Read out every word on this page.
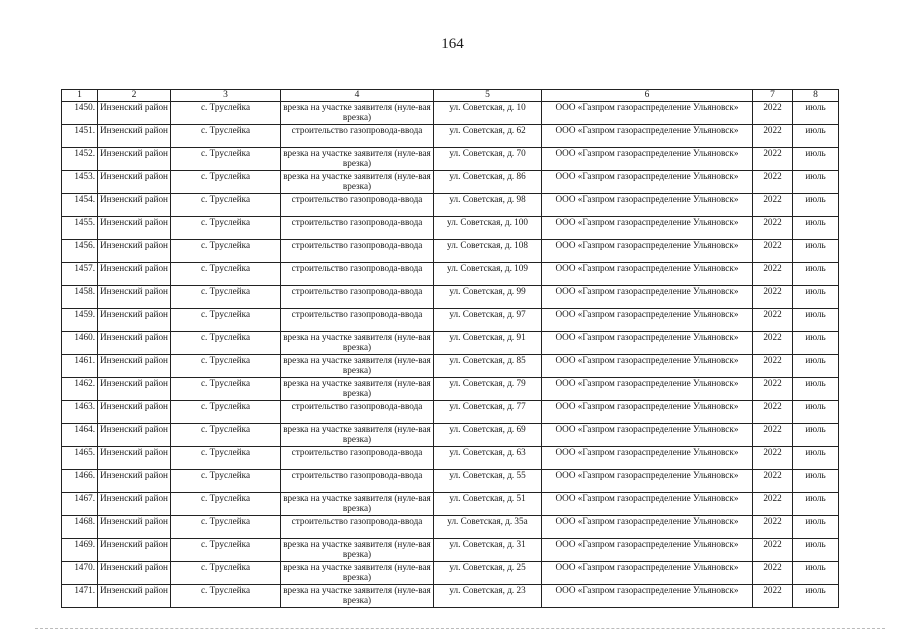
164
1	2	3	4	5	6	7	8
1450.	Инзенский район	с. Труслейка	врезка на участке заявителя (нуле-вая врезка)	ул. Советская, д. 10	ООО «Газпром газораспределение Ульяновск»	2022	июль
1451.	Инзенский район	с. Труслейка	строительство газопровода-ввода	ул. Советская, д. 62	ООО «Газпром газораспределение Ульяновск»	2022	июль
1452.	Инзенский район	с. Труслейка	врезка на участке заявителя (нуле-вая врезка)	ул. Советская, д. 70	ООО «Газпром газораспределение Ульяновск»	2022	июль
1453.	Инзенский район	с. Труслейка	врезка на участке заявителя (нуле-вая врезка)	ул. Советская, д. 86	ООО «Газпром газораспределение Ульяновск»	2022	июль
1454.	Инзенский район	с. Труслейка	строительство газопровода-ввода	ул. Советская, д. 98	ООО «Газпром газораспределение Ульяновск»	2022	июль
1455.	Инзенский район	с. Труслейка	строительство газопровода-ввода	ул. Советская, д. 100	ООО «Газпром газораспределение Ульяновск»	2022	июль
1456.	Инзенский район	с. Труслейка	строительство газопровода-ввода	ул. Советская, д. 108	ООО «Газпром газораспределение Ульяновск»	2022	июль
1457.	Инзенский район	с. Труслейка	строительство газопровода-ввода	ул. Советская, д. 109	ООО «Газпром газораспределение Ульяновск»	2022	июль
1458.	Инзенский район	с. Труслейка	строительство газопровода-ввода	ул. Советская, д. 99	ООО «Газпром газораспределение Ульяновск»	2022	июль
1459.	Инзенский район	с. Труслейка	строительство газопровода-ввода	ул. Советская, д. 97	ООО «Газпром газораспределение Ульяновск»	2022	июль
1460.	Инзенский район	с. Труслейка	врезка на участке заявителя (нуле-вая врезка)	ул. Советская, д. 91	ООО «Газпром газораспределение Ульяновск»	2022	июль
1461.	Инзенский район	с. Труслейка	врезка на участке заявителя (нуле-вая врезка)	ул. Советская, д. 85	ООО «Газпром газораспределение Ульяновск»	2022	июль
1462.	Инзенский район	с. Труслейка	врезка на участке заявителя (нуле-вая врезка)	ул. Советская, д. 79	ООО «Газпром газораспределение Ульяновск»	2022	июль
1463.	Инзенский район	с. Труслейка	строительство газопровода-ввода	ул. Советская, д. 77	ООО «Газпром газораспределение Ульяновск»	2022	июль
1464.	Инзенский район	с. Труслейка	врезка на участке заявителя (нуле-вая врезка)	ул. Советская, д. 69	ООО «Газпром газораспределение Ульяновск»	2022	июль
1465.	Инзенский район	с. Труслейка	строительство газопровода-ввода	ул. Советская, д. 63	ООО «Газпром газораспределение Ульяновск»	2022	июль
1466.	Инзенский район	с. Труслейка	строительство газопровода-ввода	ул. Советская, д. 55	ООО «Газпром газораспределение Ульяновск»	2022	июль
1467.	Инзенский район	с. Труслейка	врезка на участке заявителя (нуле-вая врезка)	ул. Советская, д. 51	ООО «Газпром газораспределение Ульяновск»	2022	июль
1468.	Инзенский район	с. Труслейка	строительство газопровода-ввода	ул. Советская, д. 35а	ООО «Газпром газораспределение Ульяновск»	2022	июль
1469.	Инзенский район	с. Труслейка	врезка на участке заявителя (нуле-вая врезка)	ул. Советская, д. 31	ООО «Газпром газораспределение Ульяновск»	2022	июль
1470.	Инзенский район	с. Труслейка	врезка на участке заявителя (нуле-вая врезка)	ул. Советская, д. 25	ООО «Газпром газораспределение Ульяновск»	2022	июль
1471.	Инзенский район	с. Труслейка	врезка на участке заявителя (нуле-вая врезка)	ул. Советская, д. 23	ООО «Газпром газораспределение Ульяновск»	2022	июль
